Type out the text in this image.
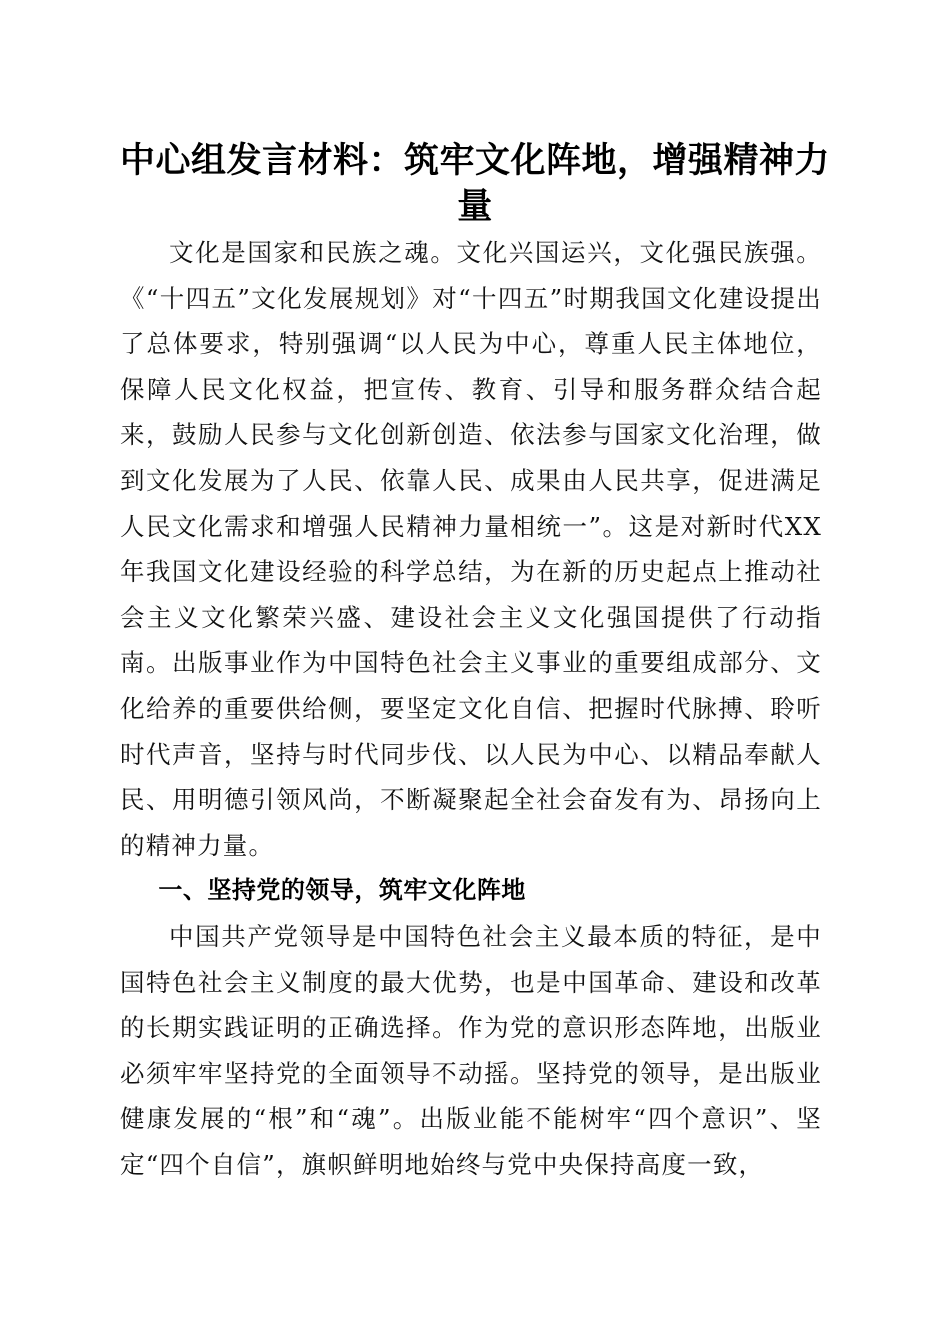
中心组发言材料：筑牢文化阵地，增强精神力量

文化是国家和民族之魂。文化兴国运兴，文化强民族强。《“十四五”文化发展规划》对“十四五”时期我国文化建设提出了总体要求，特别强调“以人民为中心，尊重人民主体地位，保障人民文化权益，把宣传、教育、引导和服务群众结合起来，鼓励人民参与文化创新创造、依法参与国家文化治理，做到文化发展为了人民、依靠人民、成果由人民共享，促进满足人民文化需求和增强人民精神力量相统一”。这是对新时代XX年我国文化建设经验的科学总结，为在新的历史起点上推动社会主义文化繁荣兴盛、建设社会主义文化强国提供了行动指南。出版事业作为中国特色社会主义事业的重要组成部分、文化给养的重要供给侧，要坚定文化自信、把握时代脉搏、聆听时代声音，坚持与时代同步伐、以人民为中心、以精品奉献人民、用明德引领风尚，不断凝聚起全社会奋发有为、昂扬向上的精神力量。

一、坚持党的领导，筑牢文化阵地

中国共产党领导是中国特色社会主义最本质的特征，是中国特色社会主义制度的最大优势，也是中国革命、建设和改革的长期实践证明的正确选择。作为党的意识形态阵地，出版业必须牢牢坚持党的全面领导不动摇。坚持党的领导，是出版业健康发展的“根”和“魂”。出版业能不能树牢“四个意识”、坚定“四个自信”，旗帜鲜明地始终与党中央保持高度一致，
